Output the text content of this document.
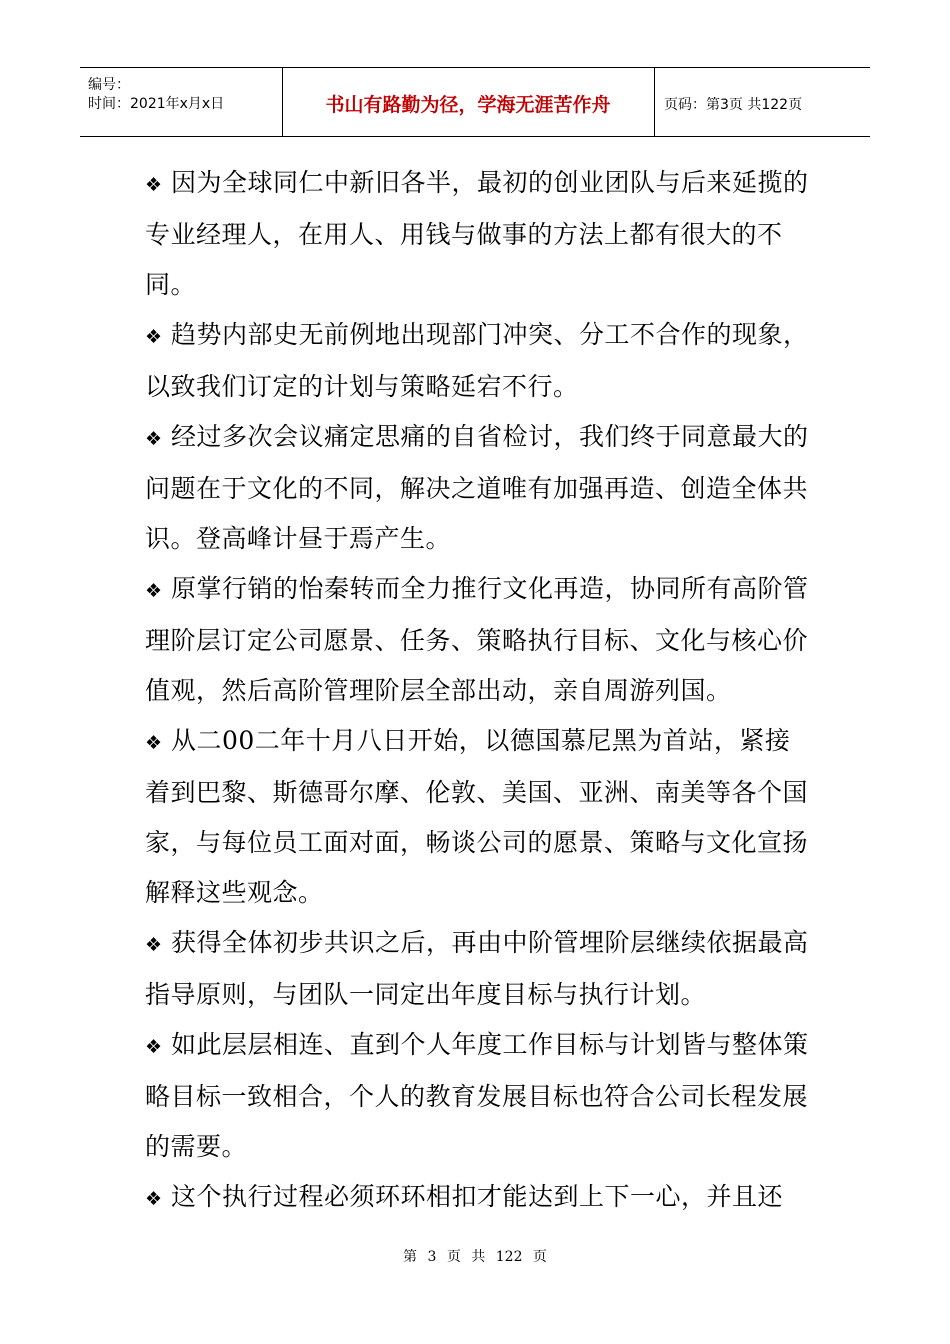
编号：
时间：2021年x月x日	书山有路勤为径，学海无涯苦作舟	页码：第3页 共122页

❖ 因为全球同仁中新旧各半，最初的创业团队与后来延揽的专业经理人，在用人、用钱与做事的方法上都有很大的不同。

❖ 趋势内部史无前例地出现部门冲突、分工不合作的现象，以致我们订定的计划与策略延宕不行。

❖ 经过多次会议痛定思痛的自省检讨，我们终于同意最大的问题在于文化的不同，解决之道唯有加强再造、创造全体共识。登高峰计昼于焉产生。

❖ 原掌行销的怡秦转而全力推行文化再造，协同所有高阶管理阶层订定公司愿景、任务、策略执行目标、文化与核心价值观，然后高阶管理阶层全部出动，亲自周游列国。

❖ 从二00二年十月八日开始，以德国慕尼黑为首站，紧接着到巴黎、斯德哥尔摩、伦敦、美国、亚洲、南美等各个国家，与每位员工面对面，畅谈公司的愿景、策略与文化宣扬解释这些观念。

❖ 获得全体初步共识之后，再由中阶管埋阶层继续依据最高指导原则，与团队一同定出年度目标与执行计划。

❖ 如此层层相连、直到个人年度工作目标与计划皆与整体策略目标一致相合，个人的教育发展目标也符合公司长程发展的需要。

❖ 这个执行过程必须环环相扣才能达到上下一心，并且还

第 3 页 共 122 页
